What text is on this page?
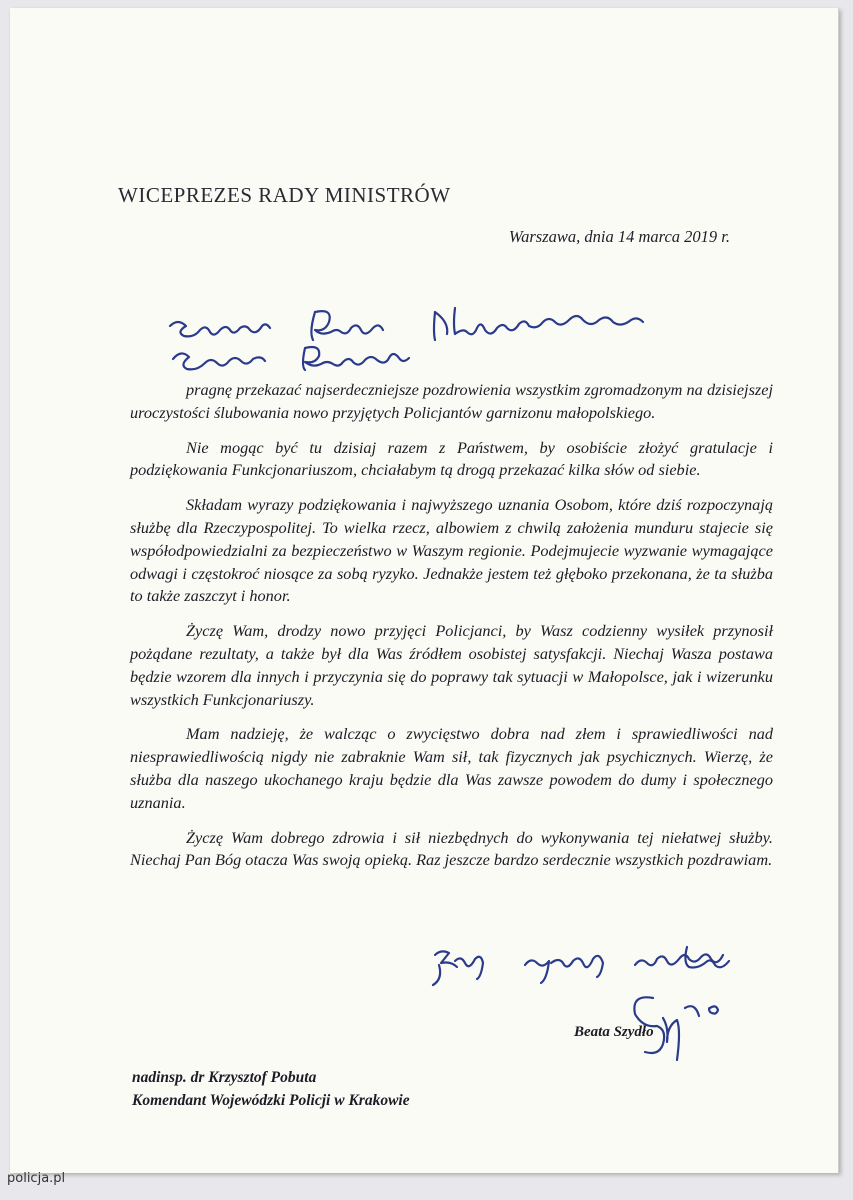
WICEPREZES RADY MINISTRÓW
Warszawa, dnia 14 marca 2019 r.

pragnę przekazać najserdeczniejsze pozdrowienia wszystkim zgromadzonym na dzisiejszej uroczystości ślubowania nowo przyjętych Policjantów garnizonu małopolskiego.

Nie mogąc być tu dzisiaj razem z Państwem, by osobiście złożyć gratulacje i podziękowania Funkcjonariuszom, chciałabym tą drogą przekazać kilka słów od siebie.

Składam wyrazy podziękowania i najwyższego uznania Osobom, które dziś rozpoczynają służbę dla Rzeczypospolitej. To wielka rzecz, albowiem z chwilą założenia munduru stajecie się współodpowiedzialni za bezpieczeństwo w Waszym regionie. Podejmujecie wyzwanie wymagające odwagi i częstokroć niosące za sobą ryzyko. Jednakże jestem też głęboko przekonana, że ta służba to także zaszczyt i honor.

Życzę Wam, drodzy nowo przyjęci Policjanci, by Wasz codzienny wysiłek przynosił pożądane rezultaty, a także był dla Was źródłem osobistej satysfakcji. Niechaj Wasza postawa będzie wzorem dla innych i przyczynia się do poprawy tak sytuacji w Małopolsce, jak i wizerunku wszystkich Funkcjonariuszy.

Mam nadzieję, że walcząc o zwycięstwo dobra nad złem i sprawiedliwości nad niesprawiedliwością nigdy nie zabraknie Wam sił, tak fizycznych jak psychicznych. Wierzę, że służba dla naszego ukochanego kraju będzie dla Was zawsze powodem do dumy i społecznego uznania.

Życzę Wam dobrego zdrowia i sił niezbędnych do wykonywania tej niełatwej służby. Niechaj Pan Bóg otacza Was swoją opieką. Raz jeszcze bardzo serdecznie wszystkich pozdrawiam.

Beata Szydło
nadinsp. dr Krzysztof Pobuta
Komendant Wojewódzki Policji w Krakowie
policja.pl
